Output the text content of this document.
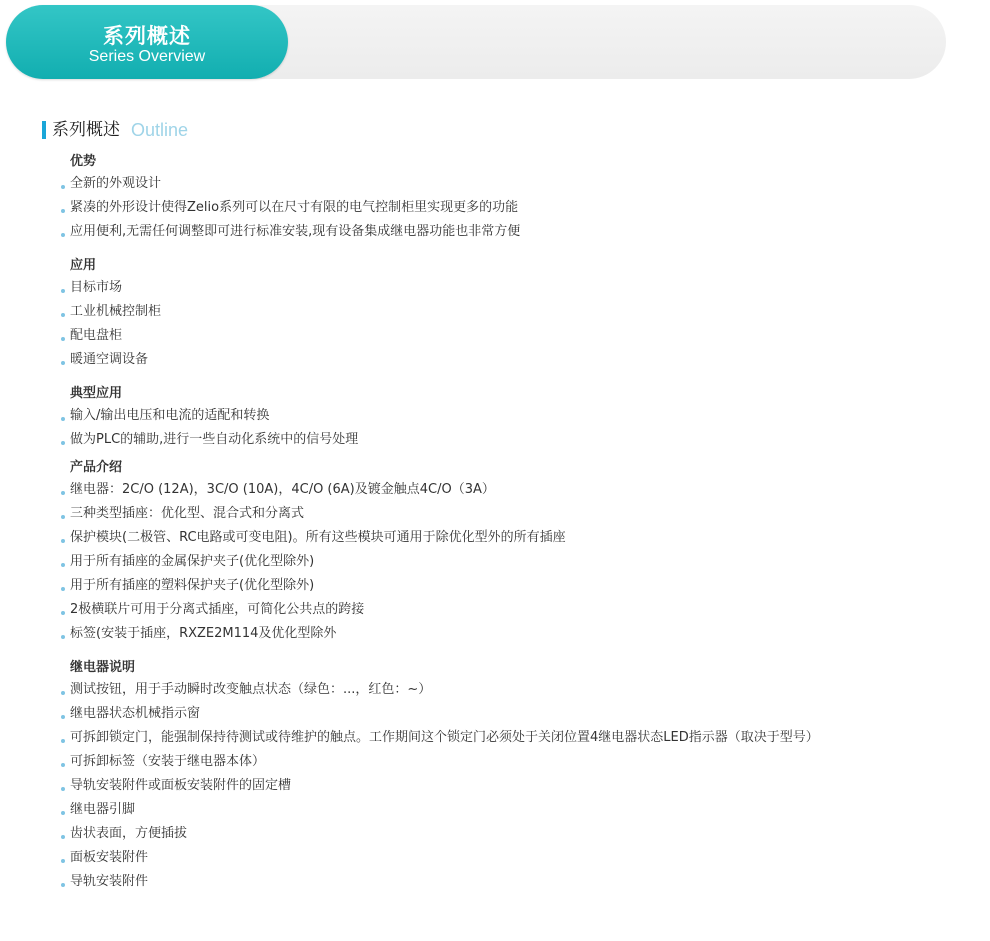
系列概述
Series Overview
系列概述 Outline
优势
全新的外观设计
紧凑的外形设计使得Zelio系列可以在尺寸有限的电气控制柜里实现更多的功能
应用便利,无需任何调整即可进行标准安装,现有设备集成继电器功能也非常方便
应用
目标市场
工业机械控制柜
配电盘柜
暖通空调设备
典型应用
输入/输出电压和电流的适配和转换
做为PLC的辅助,进行一些自动化系统中的信号处理
产品介绍
继电器：2C/O (12A)，3C/O (10A)，4C/O (6A)及镀金触点4C/O（3A）
三种类型插座：优化型、混合式和分离式
保护模块(二极管、RC电路或可变电阻)。所有这些模块可通用于除优化型外的所有插座
用于所有插座的金属保护夹子(优化型除外)
用于所有插座的塑料保护夹子(优化型除外)
2极横联片可用于分离式插座，可简化公共点的跨接
标签(安装于插座，RXZE2M114及优化型除外
继电器说明
测试按钮，用于手动瞬时改变触点状态（绿色：...，红色：~）
继电器状态机械指示窗
可拆卸锁定门，能强制保持待测试或待维护的触点。工作期间这个锁定门必须处于关闭位置4继电器状态LED指示器（取决于型号）
可拆卸标签（安装于继电器本体）
导轨安装附件或面板安装附件的固定槽
继电器引脚
齿状表面，方便插拔
面板安装附件
导轨安装附件
